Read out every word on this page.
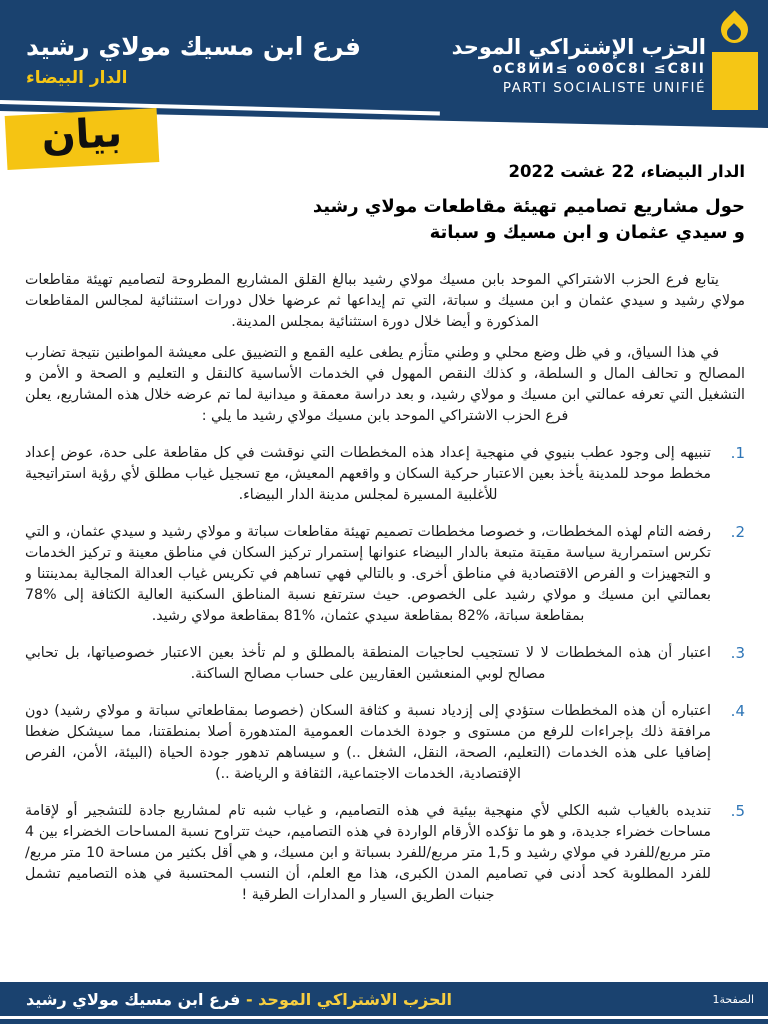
فرع ابن مسيك مولاي رشيد
الدار البيضاء
الحزب الإشتراكي الموحد
оС8ИИ≤ оʘʘС8І ≤С8ІІ
PARTI SOCIALISTE UNIFIÉ
بيان
الدار البيضاء، 22 غشت 2022
حول مشاريع تصاميم تهيئة مقاطعات مولاي رشيد
و سيدي عثمان و ابن مسيك و سباتة

يتابع فرع الحزب الاشتراكي الموحد بابن مسيك مولاي رشيد ببالغ القلق المشاريع المطروحة لتصاميم تهيئة مقاطعات مولاي رشيد و سيدي عثمان و ابن مسيك و سباتة، التي تم إيداعها ثم عرضها خلال دورات استثنائية لمجالس المقاطعات المذكورة و أيضا خلال دورة استثنائية بمجلس المدينة.

في هذا السياق، و في ظل وضع محلي و وطني متأزم يطغى عليه القمع و التضييق على معيشة المواطنين نتيجة تضارب المصالح و تحالف المال و السلطة، و كذلك النقص المهول في الخدمات الأساسية كالنقل و التعليم و الصحة و الأمن و التشغيل التي تعرفه عمالتي ابن مسيك و مولاي رشيد، و بعد دراسة معمقة و ميدانية لما تم عرضه خلال هذه المشاريع، يعلن فرع الحزب الاشتراكي الموحد بابن مسيك مولاي رشيد ما يلي :

1.
تنبيهه إلى وجود عطب بنيوي في منهجية إعداد هذه المخططات التي نوقشت في كل مقاطعة على حدة، عوض إعداد مخطط موحد للمدينة يأخذ بعين الاعتبار حركية السكان و واقعهم المعيش، مع تسجيل غياب مطلق لأي رؤية استراتيجية للأغلبية المسيرة لمجلس مدينة الدار البيضاء.
2.
رفضه التام لهذه المخططات، و خصوصا مخططات تصميم تهيئة مقاطعات سباتة و مولاي رشيد و سيدي عثمان، و التي تكرس استمرارية سياسة مقيتة متبعة بالدار البيضاء عنوانها إستمرار تركيز السكان في مناطق معينة و تركيز الخدمات و التجهيزات و الفرص الاقتصادية في مناطق أخرى. و بالتالي فهي تساهم في تكريس غياب العدالة المجالية بمدينتنا و بعمالتي ابن مسيك و مولاي رشيد على الخصوص. حيث سترتفع نسبة المناطق السكنية العالية الكثافة إلى %78 بمقاطعة سباتة، %82 بمقاطعة سيدي عثمان، %81 بمقاطعة مولاي رشيد.
3.
اعتبار أن هذه المخططات لا لا تستجيب لحاجيات المنطقة بالمطلق و لم تأخذ بعين الاعتبار خصوصياتها، بل تحابي مصالح لوبي المنعشين العقاريين على حساب مصالح الساكنة.
4.
اعتباره أن هذه المخططات ستؤدي إلى إزدياد نسبة و كثافة السكان (خصوصا بمقاطعاتي سباتة و مولاي رشيد) دون مرافقة ذلك بإجراءات للرفع من مستوى و جودة الخدمات العمومية المتدهورة أصلا بمنطقتنا، مما سيشكل ضغطا إضافيا على هذه الخدمات (التعليم، الصحة، النقل، الشغل ..) و سيساهم تدهور جودة الحياة (البيئة، الأمن، الفرص الإقتصادية، الخدمات الاجتماعية، الثقافة و الرياضة ..)
5.
تنديده بالغياب شبه الكلي لأي منهجية بيئية في هذه التصاميم، و غياب شبه تام لمشاريع جادة للتشجير أو لإقامة مساحات خضراء جديدة، و هو ما تؤكده الأرقام الواردة في هذه التصاميم، حيث تتراوح نسبة المساحات الخضراء بين 4 متر مربع/للفرد في مولاي رشيد و 1,5 متر مربع/للفرد بسباتة و ابن مسيك، و هي أقل بكثير من مساحة 10 متر مربع/للفرد المطلوبة كحد أدنى في تصاميم المدن الكبرى، هذا مع العلم، أن النسب المحتسبة في هذه التصاميم تشمل جنبات الطريق السيار و المدارات الطرقية !
الحزب الاشتراكي الموحد - فرع ابن مسيك مولاي رشيد	الصفحة1
